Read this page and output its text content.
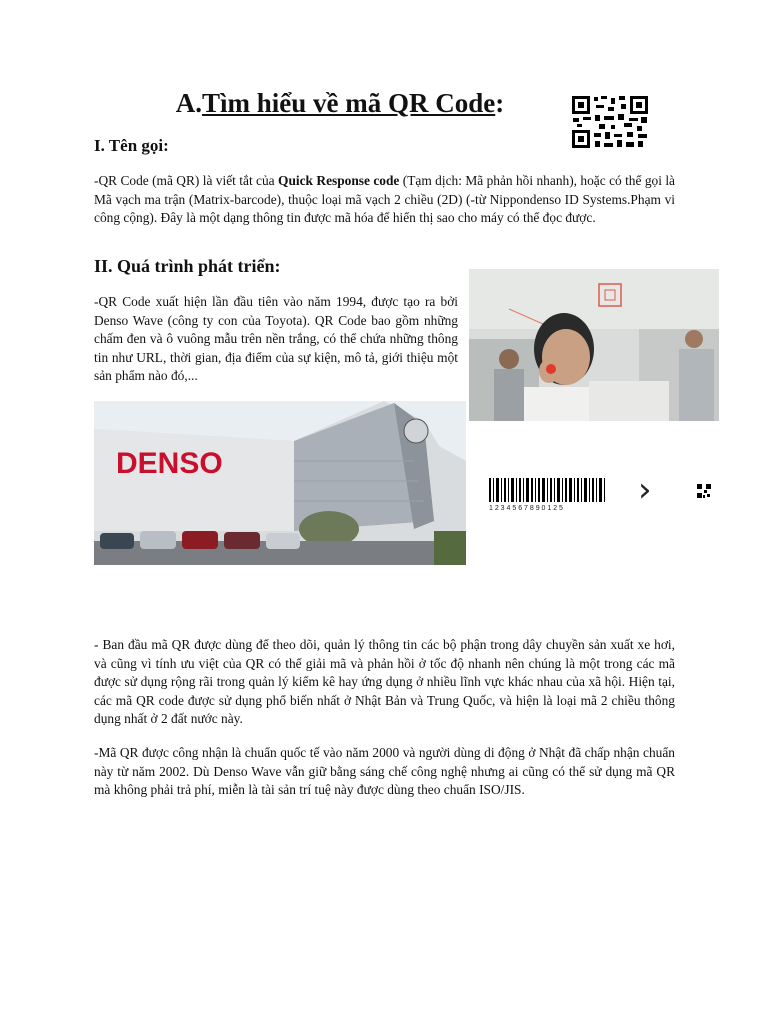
A.Tìm hiểu về mã QR Code:
I. Tên gọi:
-QR Code (mã QR) là viết tắt của Quick Response code (Tạm dịch: Mã phản hồi nhanh), hoặc có thể gọi là Mã vạch ma trận (Matrix-barcode), thuộc loại mã vạch 2 chiều (2D) (-từ Nippondenso ID Systems.Phạm vi công cộng). Đây là một dạng thông tin được mã hóa để hiển thị sao cho máy có thể đọc được.
II. Quá trình phát triển:
-QR Code xuất hiện lần đầu tiên vào năm 1994, được tạo ra bởi Denso Wave (công ty con của Toyota). QR Code bao gồm những chấm đen và ô vuông mẫu trên nền trắng, có thể chứa những thông tin như URL, thời gian, địa điểm của sự kiện, mô tả, giới thiệu một sản phẩm nào đó,...
DENSO
1 2 3 4 5 6 7 8 9 0 1 2 5 ›
- Ban đầu mã QR được dùng để theo dõi, quản lý thông tin các bộ phận trong dây chuyền sản xuất xe hơi, và cũng vì tính ưu việt của QR có thể giải mã và phản hồi ở tốc độ nhanh nên chúng là một trong các mã được sử dụng rộng rãi trong quản lý kiểm kê hay ứng dụng ở nhiều lĩnh vực khác nhau của xã hội. Hiện tại, các mã QR code được sử dụng phổ biến nhất ở Nhật Bản và Trung Quốc, và hiện là loại mã 2 chiều thông dụng nhất ở 2 đất nước này.
-Mã QR được công nhận là chuẩn quốc tế vào năm 2000 và người dùng di động ở Nhật đã chấp nhận chuẩn này từ năm 2002. Dù Denso Wave vẫn giữ bằng sáng chế công nghệ nhưng ai cũng có thể sử dụng mã QR mà không phải trả phí, miễn là tài sản trí tuệ này được dùng theo chuẩn ISO/JIS.
